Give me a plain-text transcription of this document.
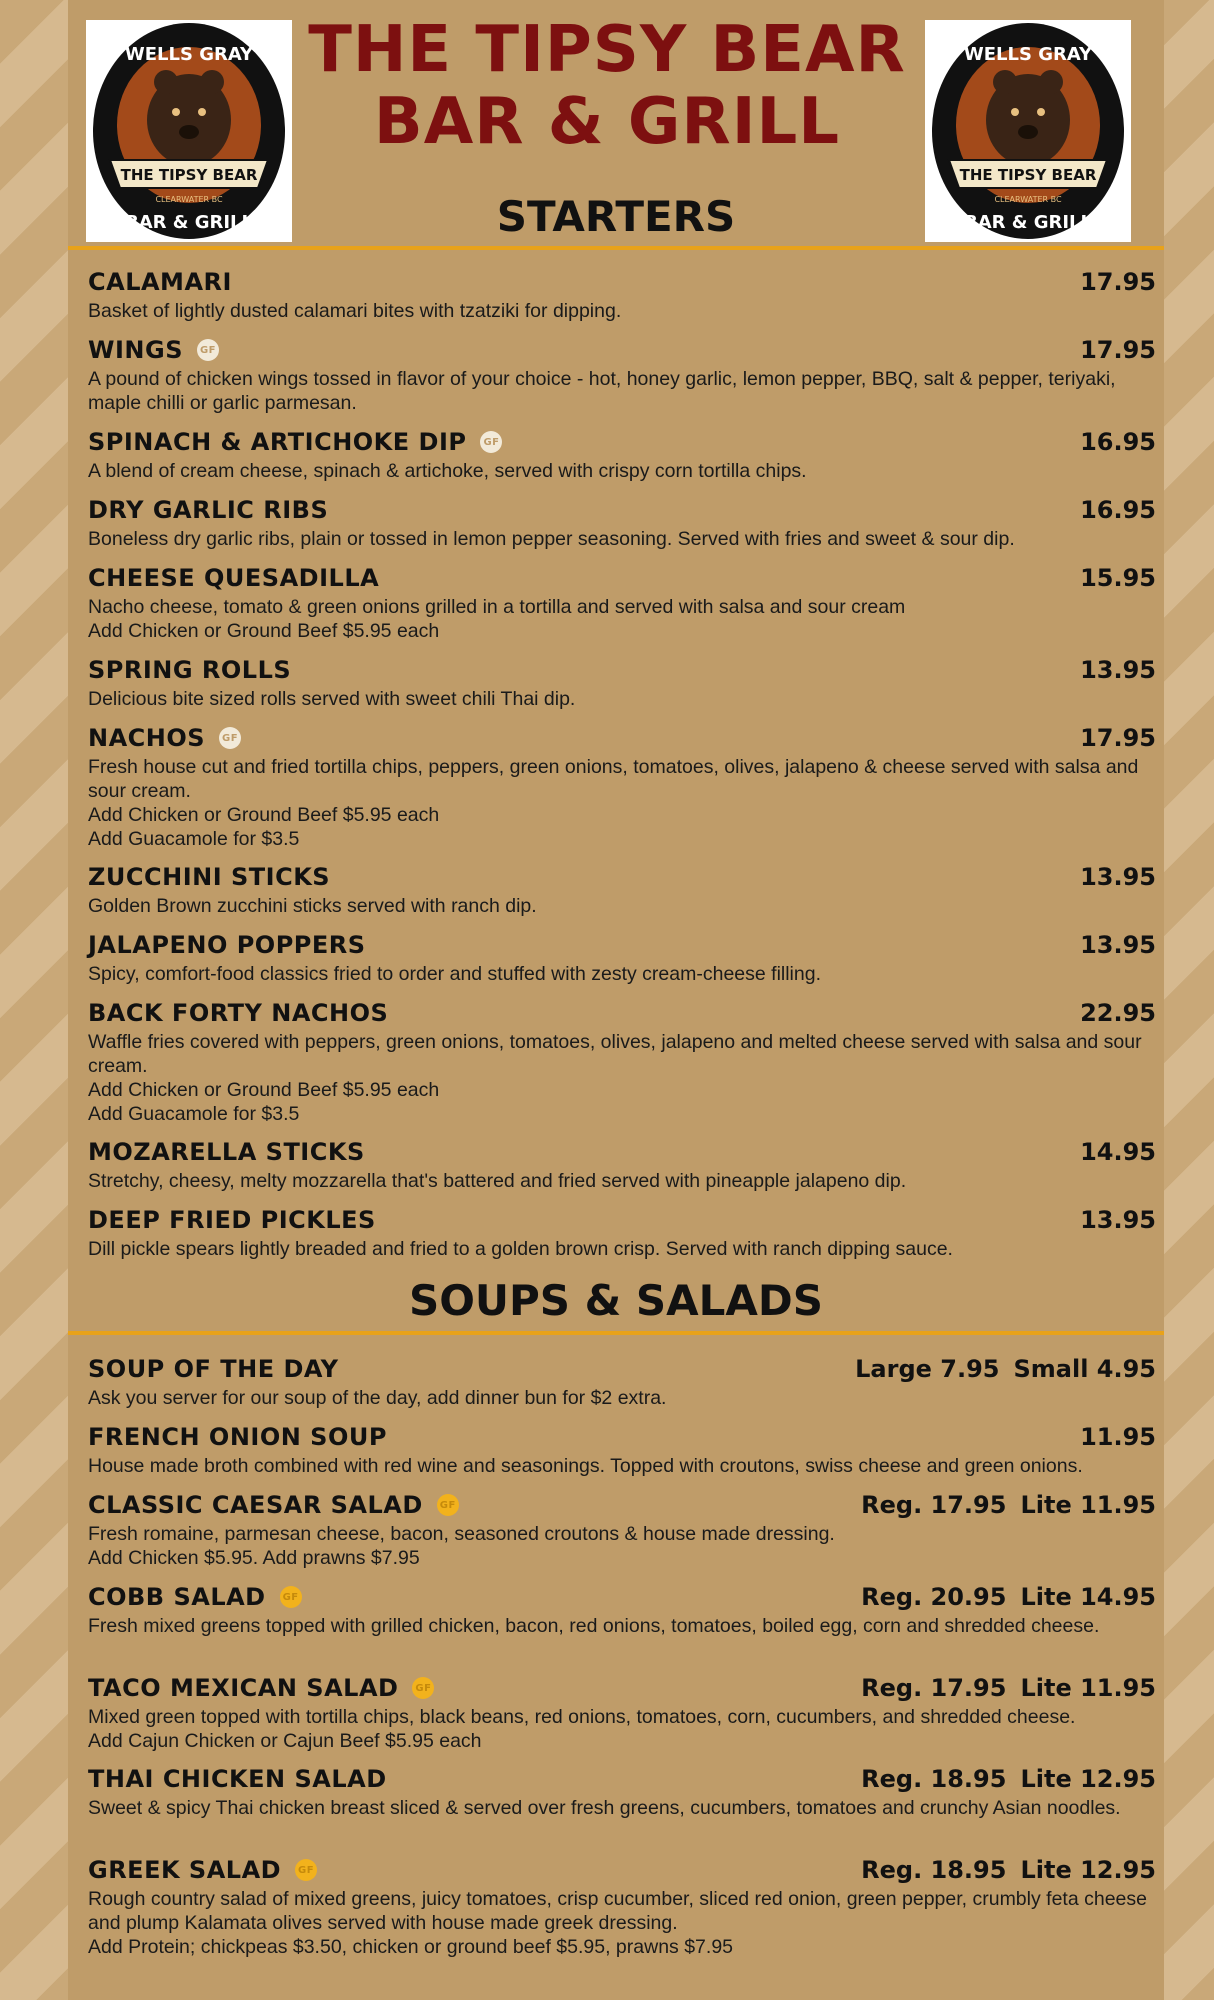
THE TIPSY BEAR
CLEARWATER BC
WELLS GRAY
BAR & GRILL
THE TIPSY BEAR
CLEARWATER BC
WELLS GRAY
BAR & GRILL
THE TIPSY BEAR
BAR & GRILL
STARTERS
SOUPS & SALADS
CALAMARI	17.95

Basket of lightly dusted calamari bites with tzatziki for dipping.

WINGS GF	17.95

A pound of chicken wings tossed in flavor of your choice - hot, honey garlic, lemon pepper, BBQ, salt & pepper, teriyaki, maple chilli or garlic parmesan.

SPINACH & ARTICHOKE DIP GF	16.95

A blend of cream cheese, spinach & artichoke, served with crispy corn tortilla chips.

DRY GARLIC RIBS	16.95

Boneless dry garlic ribs, plain or tossed in lemon pepper seasoning. Served with fries and sweet & sour dip.

CHEESE QUESADILLA	15.95

Nacho cheese, tomato & green onions grilled in a tortilla and served with salsa and sour cream
Add Chicken or Ground Beef $5.95 each

SPRING ROLLS	13.95

Delicious bite sized rolls served with sweet chili Thai dip.

NACHOS GF	17.95

Fresh house cut and fried tortilla chips, peppers, green onions, tomatoes, olives, jalapeno & cheese served with salsa and sour cream.
Add Chicken or Ground Beef $5.95 each
Add Guacamole for $3.5

ZUCCHINI STICKS	13.95

Golden Brown zucchini sticks served with ranch dip.

JALAPENO POPPERS	13.95

Spicy, comfort-food classics fried to order and stuffed with zesty cream-cheese filling.

BACK FORTY NACHOS	22.95

Waffle fries covered with peppers, green onions, tomatoes, olives, jalapeno and melted cheese served with salsa and sour cream.
Add Chicken or Ground Beef $5.95 each
Add Guacamole for $3.5

MOZARELLA STICKS	14.95

Stretchy, cheesy, melty mozzarella that's battered and fried served with pineapple jalapeno dip.

DEEP FRIED PICKLES	13.95

Dill pickle spears lightly breaded and fried to a golden brown crisp. Served with ranch dipping sauce.

SOUP OF THE DAY	Large 7.95 Small 4.95

Ask you server for our soup of the day, add dinner bun for $2 extra.

FRENCH ONION SOUP	11.95

House made broth combined with red wine and seasonings. Topped with croutons, swiss cheese and green onions.

CLASSIC CAESAR SALAD GF	Reg. 17.95 Lite 11.95

Fresh romaine, parmesan cheese, bacon, seasoned croutons & house made dressing.
Add Chicken $5.95. Add prawns $7.95

COBB SALAD GF	Reg. 20.95 Lite 14.95

Fresh mixed greens topped with grilled chicken, bacon, red onions, tomatoes, boiled egg, corn and shredded cheese.

TACO MEXICAN SALAD GF	Reg. 17.95 Lite 11.95

Mixed green topped with tortilla chips, black beans, red onions, tomatoes, corn, cucumbers, and shredded cheese.
Add Cajun Chicken or Cajun Beef $5.95 each

THAI CHICKEN SALAD	Reg. 18.95 Lite 12.95

Sweet & spicy Thai chicken breast sliced & served over fresh greens, cucumbers, tomatoes and crunchy Asian noodles.

GREEK SALAD GF	Reg. 18.95 Lite 12.95

Rough country salad of mixed greens, juicy tomatoes, crisp cucumber, sliced red onion, green pepper, crumbly feta cheese and plump Kalamata olives served with house made greek dressing.
Add Protein; chickpeas $3.50, chicken or ground beef $5.95, prawns $7.95
